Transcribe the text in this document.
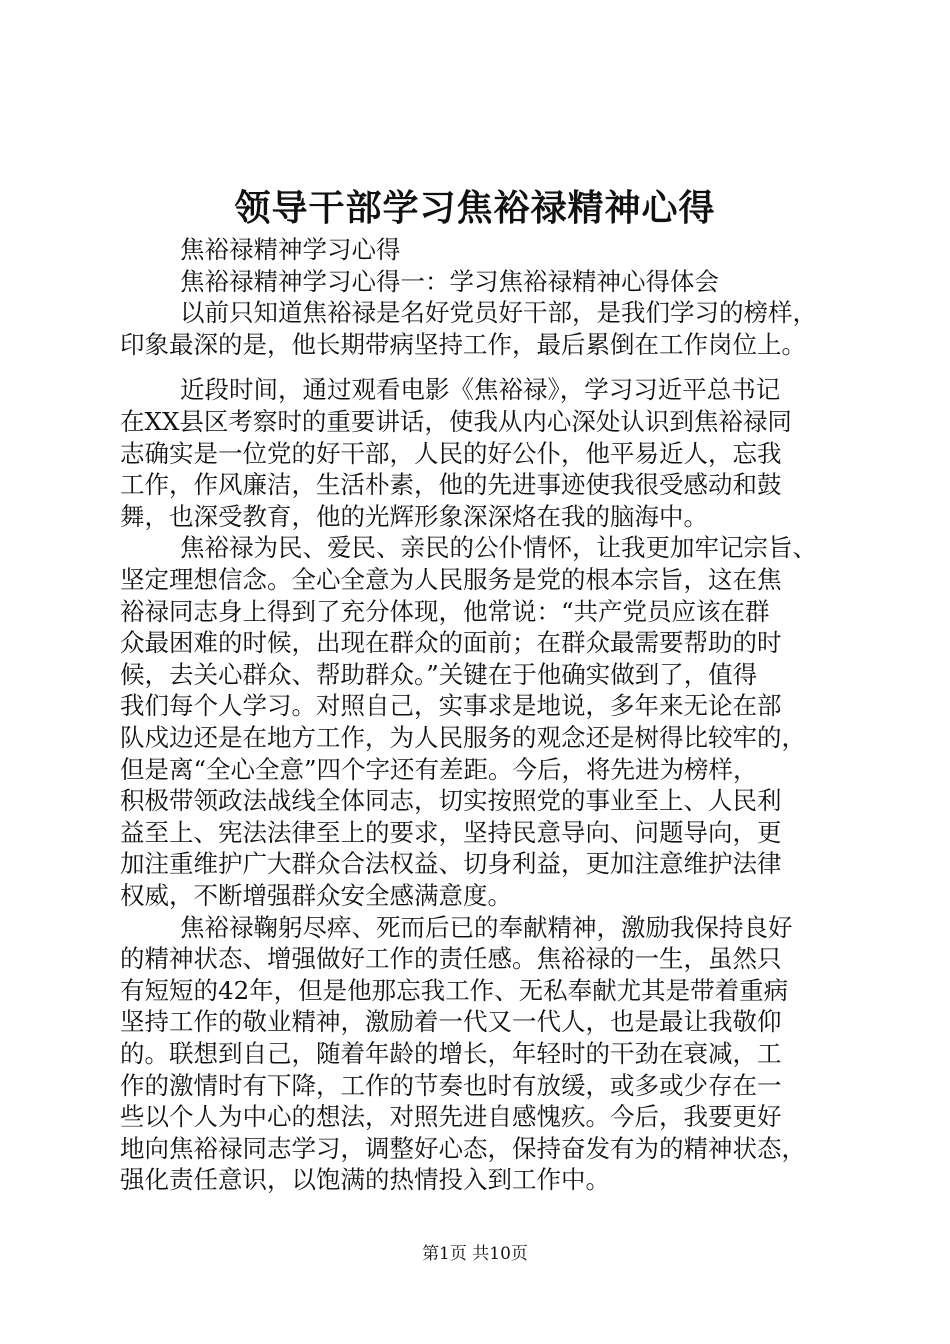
领导干部学习焦裕禄精神心得
焦裕禄精神学习心得
焦裕禄精神学习心得一：学习焦裕禄精神心得体会
以前只知道焦裕禄是名好党员好干部，是我们学习的榜样，
印象最深的是，他长期带病坚持工作，最后累倒在工作岗位上。
近段时间，通过观看电影《焦裕禄》，学习习近平总书记
在XX县区考察时的重要讲话，使我从内心深处认识到焦裕禄同
志确实是一位党的好干部，人民的好公仆，他平易近人，忘我
工作，作风廉洁，生活朴素，他的先进事迹使我很受感动和鼓
舞，也深受教育，他的光辉形象深深烙在我的脑海中。
焦裕禄为民、爱民、亲民的公仆情怀，让我更加牢记宗旨、
坚定理想信念。全心全意为人民服务是党的根本宗旨，这在焦
裕禄同志身上得到了充分体现，他常说：“共产党员应该在群
众最困难的时候，出现在群众的面前；在群众最需要帮助的时
候，去关心群众、帮助群众。”关键在于他确实做到了，值得
我们每个人学习。对照自己，实事求是地说，多年来无论在部
队戍边还是在地方工作，为人民服务的观念还是树得比较牢的，
但是离“全心全意”四个字还有差距。今后，将先进为榜样，
积极带领政法战线全体同志，切实按照党的事业至上、人民利
益至上、宪法法律至上的要求，坚持民意导向、问题导向，更
加注重维护广大群众合法权益、切身利益，更加注意维护法律
权威，不断增强群众安全感满意度。
焦裕禄鞠躬尽瘁、死而后已的奉献精神，激励我保持良好
的精神状态、增强做好工作的责任感。焦裕禄的一生，虽然只
有短短的42年，但是他那忘我工作、无私奉献尤其是带着重病
坚持工作的敬业精神，激励着一代又一代人，也是最让我敬仰
的。联想到自己，随着年龄的增长，年轻时的干劲在衰减，工
作的激情时有下降，工作的节奏也时有放缓，或多或少存在一
些以个人为中心的想法，对照先进自感愧疚。今后，我要更好
地向焦裕禄同志学习，调整好心态，保持奋发有为的精神状态，
强化责任意识，以饱满的热情投入到工作中。
第1页 共10页
